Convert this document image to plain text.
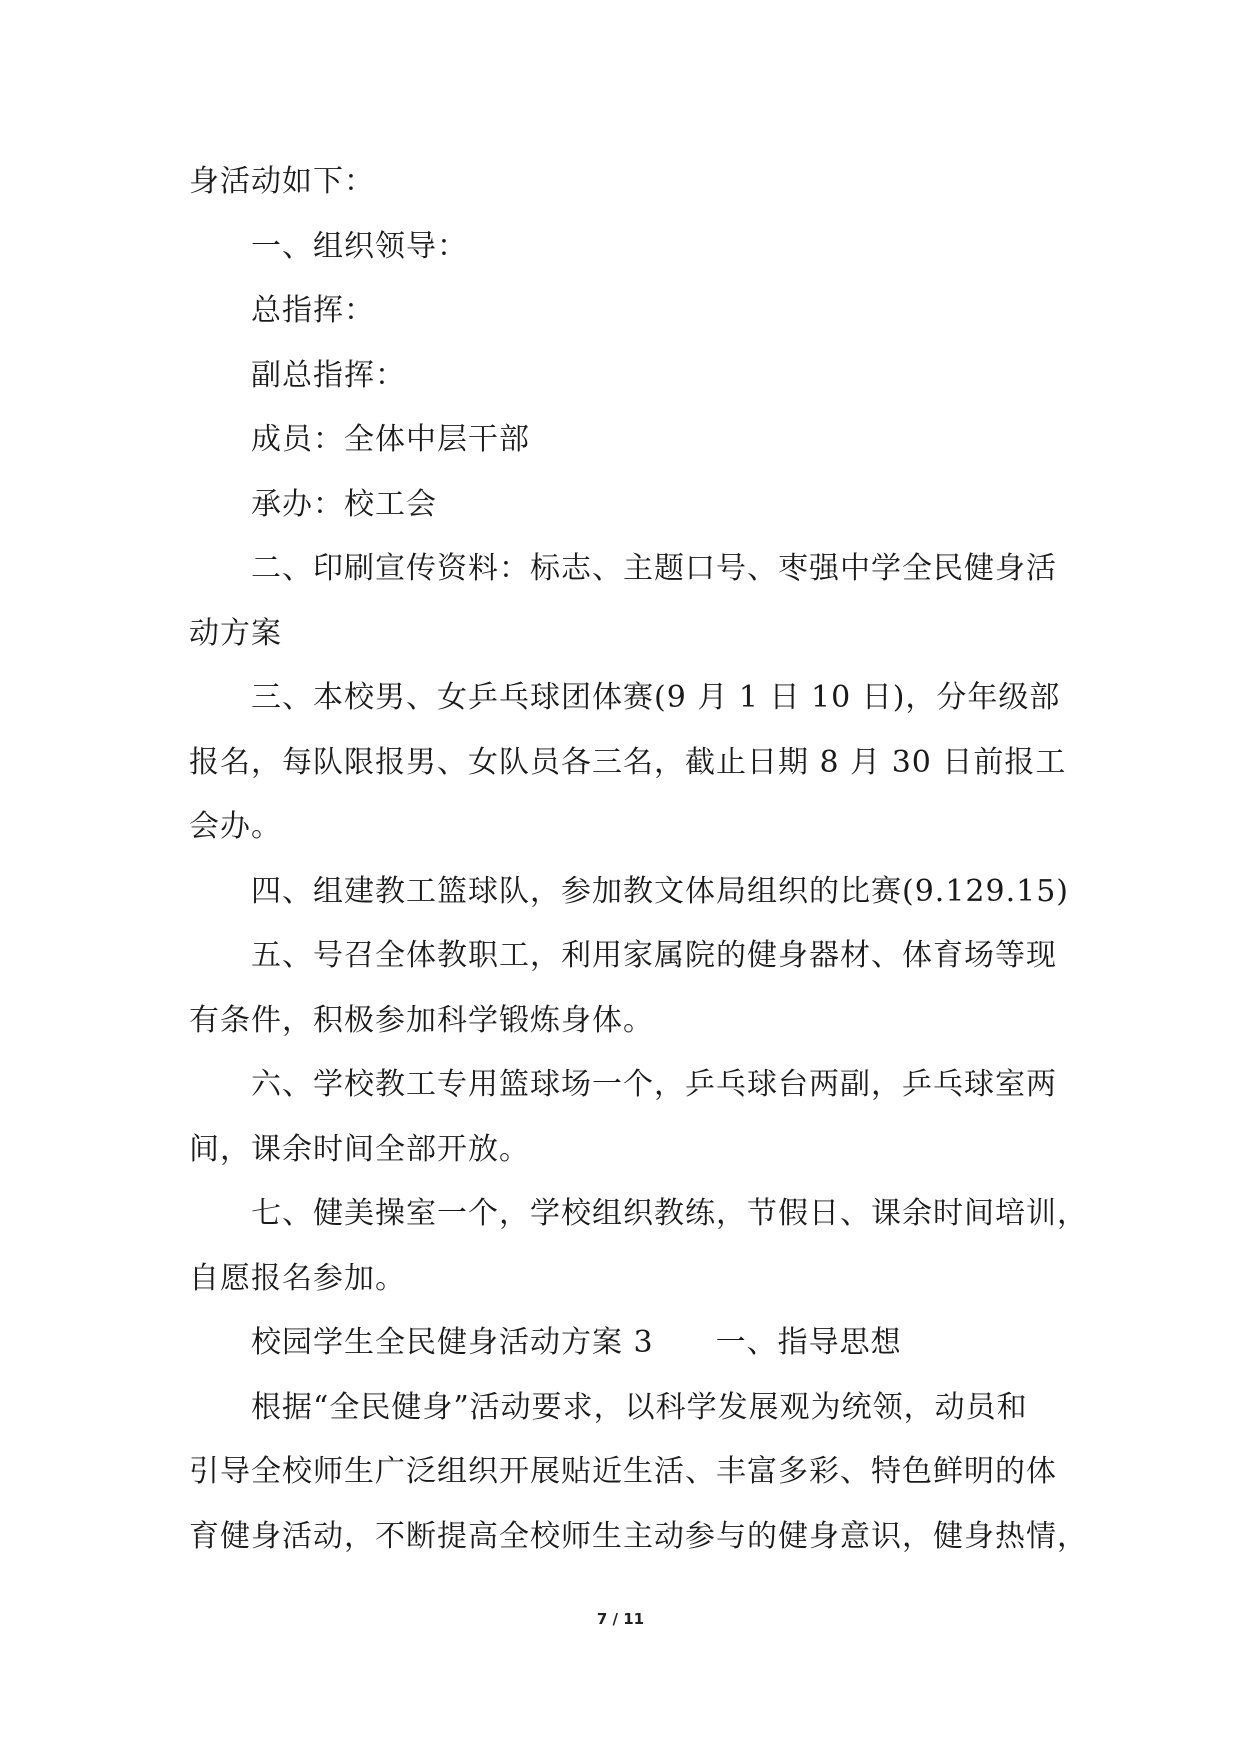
身活动如下：
一、组织领导：
总指挥：
副总指挥：
成员：全体中层干部
承办：校工会
二、印刷宣传资料：标志、主题口号、枣强中学全民健身活
动方案
三、本校男、女乒乓球团体赛(9 月 1 日 10 日)，分年级部
报名，每队限报男、女队员各三名，截止日期 8 月 30 日前报工
会办。
四、组建教工篮球队，参加教文体局组织的比赛(9.129.15)
五、号召全体教职工，利用家属院的健身器材、体育场等现
有条件，积极参加科学锻炼身体。
六、学校教工专用篮球场一个，乒乓球台两副，乒乓球室两
间，课余时间全部开放。
七、健美操室一个，学校组织教练，节假日、课余时间培训，
自愿报名参加。
校园学生全民健身活动方案 3　　一、指导思想
根据“全民健身”活动要求，以科学发展观为统领，动员和
引导全校师生广泛组织开展贴近生活、丰富多彩、特色鲜明的体
育健身活动，不断提高全校师生主动参与的健身意识，健身热情，
7 / 11
